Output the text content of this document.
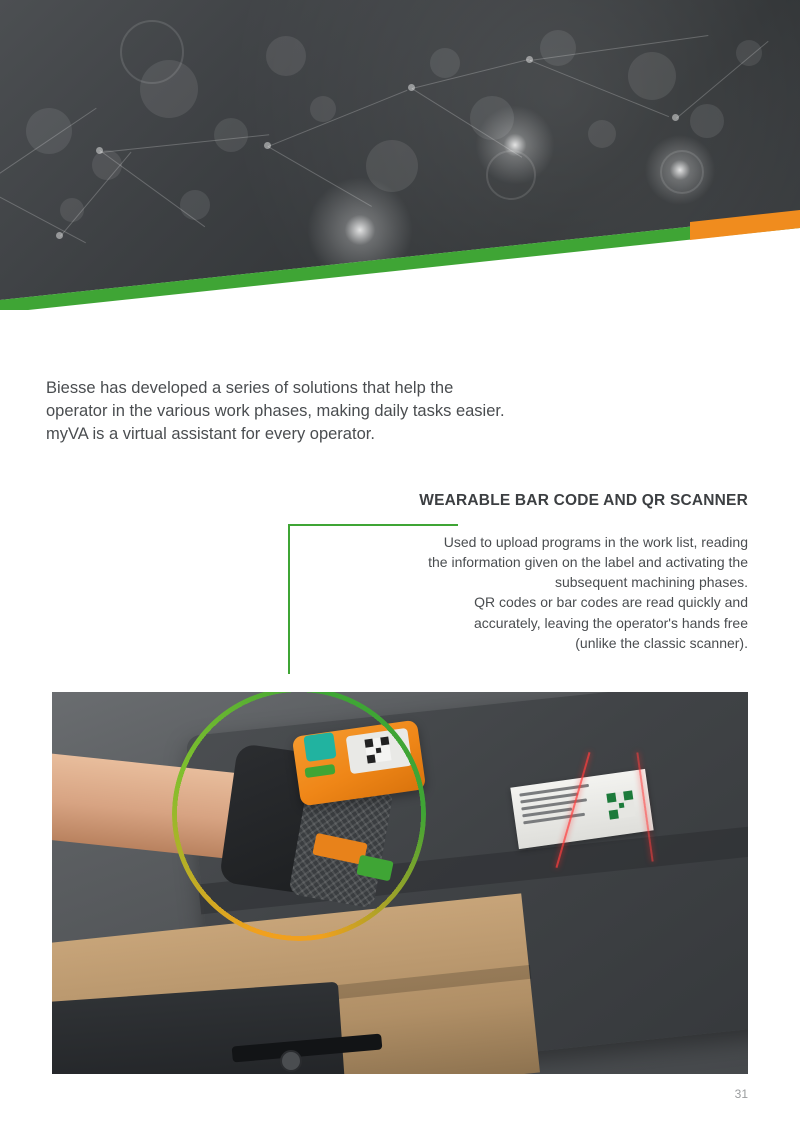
Biesse has developed a series of solutions that help the operator in the various work phases, making daily tasks easier. myVA is a virtual assistant for every operator.

WEARABLE BAR CODE AND QR SCANNER

Used to upload programs in the work list, reading

the information given on the label and activating the

subsequent machining phases.

QR codes or bar codes are read quickly and

accurately, leaving the operator's hands free

(unlike the classic scanner).

31
